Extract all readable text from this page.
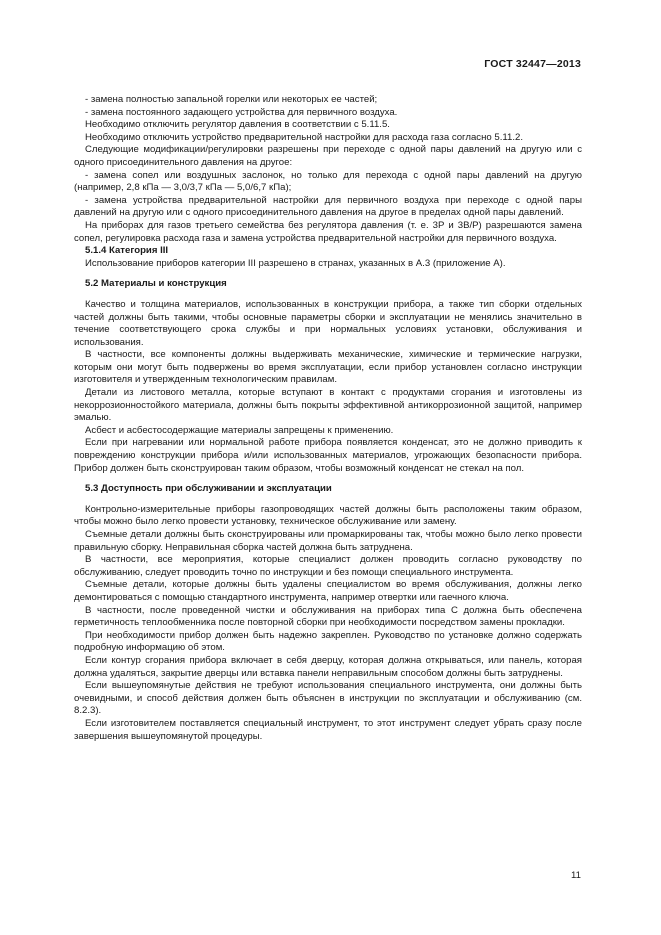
ГОСТ 32447—2013

- замена полностью запальной горелки или некоторых ее частей;

- замена постоянного задающего устройства для первичного воздуха.

Необходимо отключить регулятор давления в соответствии с 5.11.5.

Необходимо отключить устройство предварительной настройки для расхода газа согласно 5.11.2.

Следующие модификации/регулировки разрешены при переходе с одной пары давлений на другую или с одного присоединительного давления на другое:

- замена сопел или воздушных заслонок, но только для перехода с одной пары давлений на другую (например, 2,8 кПа — 3,0/3,7 кПа — 5,0/6,7 кПа);

- замена устройства предварительной настройки для первичного воздуха при переходе с одной пары давлений на другую или с одного присоединительного давления на другое в пределах одной пары давлений.

На приборах для газов третьего семейства без регулятора давления (т. е. 3Р и 3В/Р) разрешаются замена сопел, регулировка расхода газа и замена устройства предварительной настройки для первичного воздуха.

5.1.4 Категория III

Использование приборов категории III разрешено в странах, указанных в А.3 (приложение А).

5.2 Материалы и конструкция

Качество и толщина материалов, использованных в конструкции прибора, а также тип сборки отдельных частей должны быть такими, чтобы основные параметры сборки и эксплуатации не менялись значительно в течение соответствующего срока службы и при нормальных условиях установки, обслуживания и использования.

В частности, все компоненты должны выдерживать механические, химические и термические нагрузки, которым они могут быть подвержены во время эксплуатации, если прибор установлен согласно инструкции изготовителя и утвержденным технологическим правилам.

Детали из листового металла, которые вступают в контакт с продуктами сгорания и изготовлены из некоррозионностойкого материала, должны быть покрыты эффективной антикоррозионной защитой, например эмалью.

Асбест и асбестосодержащие материалы запрещены к применению.

Если при нагревании или нормальной работе прибора появляется конденсат, это не должно приводить к повреждению конструкции прибора и/или использованных материалов, угрожающих безопасности прибора. Прибор должен быть сконструирован таким образом, чтобы возможный конденсат не стекал на пол.

5.3 Доступность при обслуживании и эксплуатации

Контрольно-измерительные приборы газопроводящих частей должны быть расположены таким образом, чтобы можно было легко провести установку, техническое обслуживание или замену.

Съемные детали должны быть сконструированы или промаркированы так, чтобы можно было легко провести правильную сборку. Неправильная сборка частей должна быть затруднена.

В частности, все мероприятия, которые специалист должен проводить согласно руководству по обслуживанию, следует проводить точно по инструкции и без помощи специального инструмента.

Съемные детали, которые должны быть удалены специалистом во время обслуживания, должны легко демонтироваться с помощью стандартного инструмента, например отвертки или гаечного ключа.

В частности, после проведенной чистки и обслуживания на приборах типа С должна быть обеспечена герметичность теплообменника после повторной сборки при необходимости посредством замены прокладки.

При необходимости прибор должен быть надежно закреплен. Руководство по установке должно содержать подробную информацию об этом.

Если контур сгорания прибора включает в себя дверцу, которая должна открываться, или панель, которая должна удаляться, закрытие дверцы или вставка панели неправильным способом должны быть затруднены.

Если вышеупомянутые действия не требуют использования специального инструмента, они должны быть очевидными, и способ действия должен быть объяснен в инструкции по эксплуатации и обслуживанию (см. 8.2.3).

Если изготовителем поставляется специальный инструмент, то этот инструмент следует убрать сразу после завершения вышеупомянутой процедуры.

11
